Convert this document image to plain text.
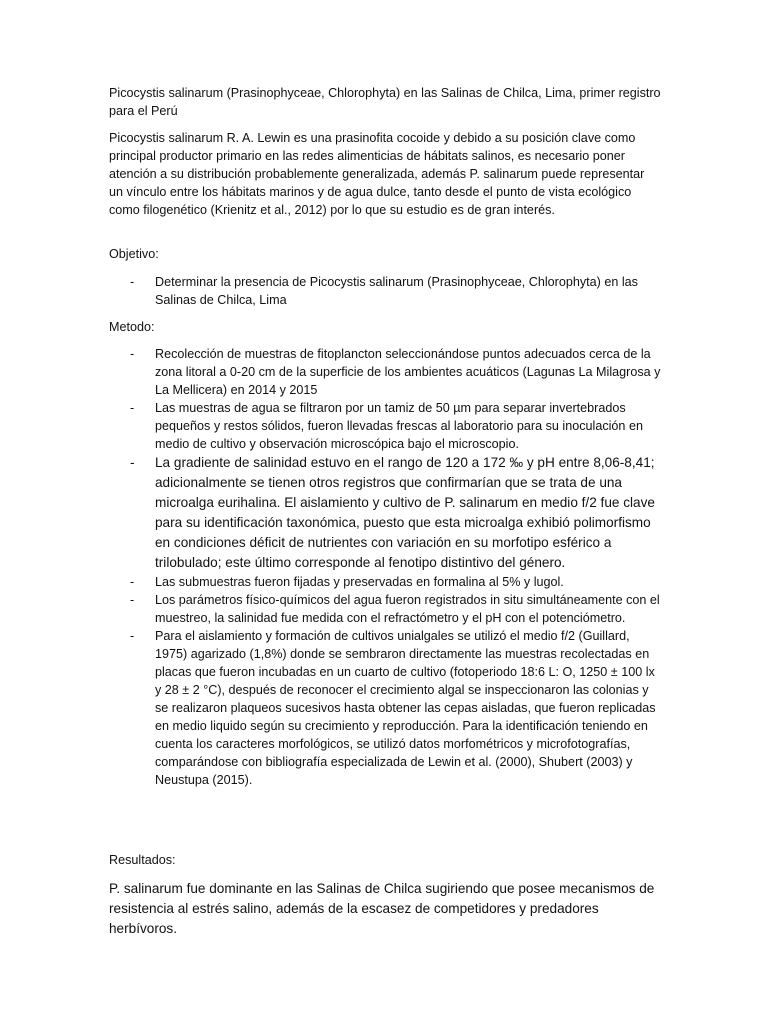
Picocystis salinarum (Prasinophyceae, Chlorophyta) en las Salinas de Chilca, Lima, primer registro para el Perú

Picocystis salinarum R. A. Lewin es una prasinofita cocoide y debido a su posición clave como principal productor primario en las redes alimenticias de hábitats salinos, es necesario poner atención a su distribución probablemente generalizada, además P. salinarum puede representar un vínculo entre los hábitats marinos y de agua dulce, tanto desde el punto de vista ecológico como filogenético (Krienitz et al., 2012) por lo que su estudio es de gran interés.

Objetivo:

- Determinar la presencia de Picocystis salinarum (Prasinophyceae, Chlorophyta) en las Salinas de Chilca, Lima

Metodo:

- Recolección de muestras de fitoplancton seleccionándose puntos adecuados cerca de la zona litoral a 0-20 cm de la superficie de los ambientes acuáticos (Lagunas La Milagrosa y La Mellicera) en 2014 y 2015
- Las muestras de agua se filtraron por un tamiz de 50 µm para separar invertebrados pequeños y restos sólidos, fueron llevadas frescas al laboratorio para su inoculación en medio de cultivo y observación microscópica bajo el microscopio.
- La gradiente de salinidad estuvo en el rango de 120 a 172 ‰ y pH entre 8,06-8,41; adicionalmente se tienen otros registros que confirmarían que se trata de una microalga eurihalina. El aislamiento y cultivo de P. salinarum en medio f/2 fue clave para su identificación taxonómica, puesto que esta microalga exhibió polimorfismo en condiciones déficit de nutrientes con variación en su morfotipo esférico a trilobulado; este último corresponde al fenotipo distintivo del género.
- Las submuestras fueron fijadas y preservadas en formalina al 5% y lugol.
- Los parámetros físico-químicos del agua fueron registrados in situ simultáneamente con el muestreo, la salinidad fue medida con el refractómetro y el pH con el potenciómetro.
- Para el aislamiento y formación de cultivos unialgales se utilizó el medio f/2 (Guillard, 1975) agarizado (1,8%) donde se sembraron directamente las muestras recolectadas en placas que fueron incubadas en un cuarto de cultivo (fotoperiodo 18:6 L: O, 1250 ± 100 lx y 28 ± 2 °C), después de reconocer el crecimiento algal se inspeccionaron las colonias y se realizaron plaqueos sucesivos hasta obtener las cepas aisladas, que fueron replicadas en medio liquido según su crecimiento y reproducción. Para la identificación teniendo en cuenta los caracteres morfológicos, se utilizó datos morfométricos y microfotografías, comparándose con bibliografía especializada de Lewin et al. (2000), Shubert (2003) y Neustupa (2015).

Resultados:

P. salinarum fue dominante en las Salinas de Chilca sugiriendo que posee mecanismos de resistencia al estrés salino, además de la escasez de competidores y predadores herbívoros.
